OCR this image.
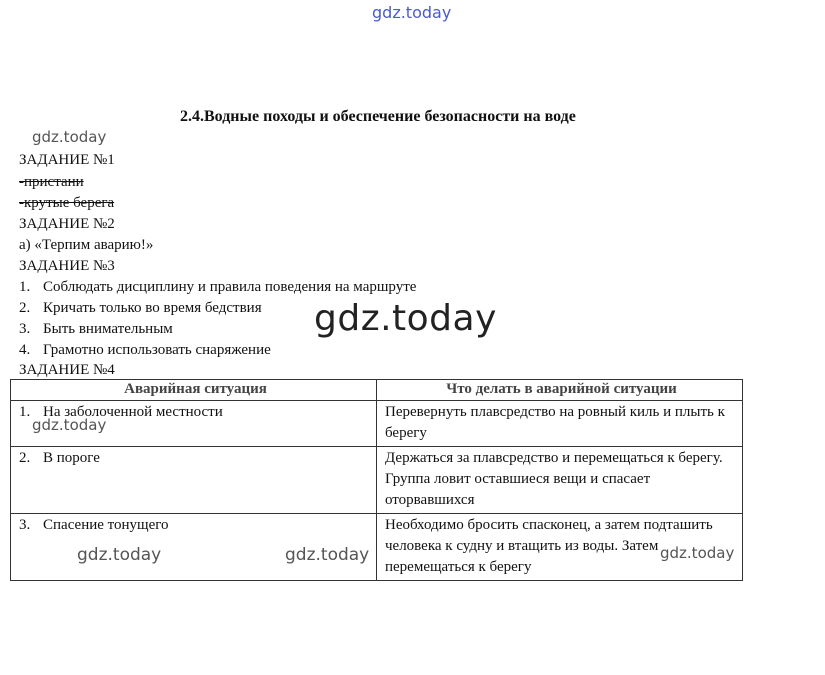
gdz.today
2.4.Водные походы и обеспечение безопасности на воде
gdz.today
ЗАДАНИЕ №1
-пристани
-крутые берега
ЗАДАНИЕ №2
а) «Терпим аварию!»
ЗАДАНИЕ №3
1. Соблюдать дисциплину и правила поведения на маршруте
2. Кричать только во время бедствия
3. Быть внимательным
4. Грамотно использовать снаряжение
ЗАДАНИЕ №4
Аварийная ситуация	Что делать в аварийной ситуации
1. На заболоченной местности	Перевернуть плавсредство на ровный киль и плыть к берегу
2. В пороге	Держаться за плавсредство и перемещаться к берегу. Группа ловит оставшиеся вещи и спасает оторвавшихся
3. Спасение тонущего	Необходимо бросить спасконец, а затем подташить человека к судну и втащить из воды. Затем перемещаться к берегу
gdz.today
gdz.today
gdz.today	gdz.today	gdz.today
